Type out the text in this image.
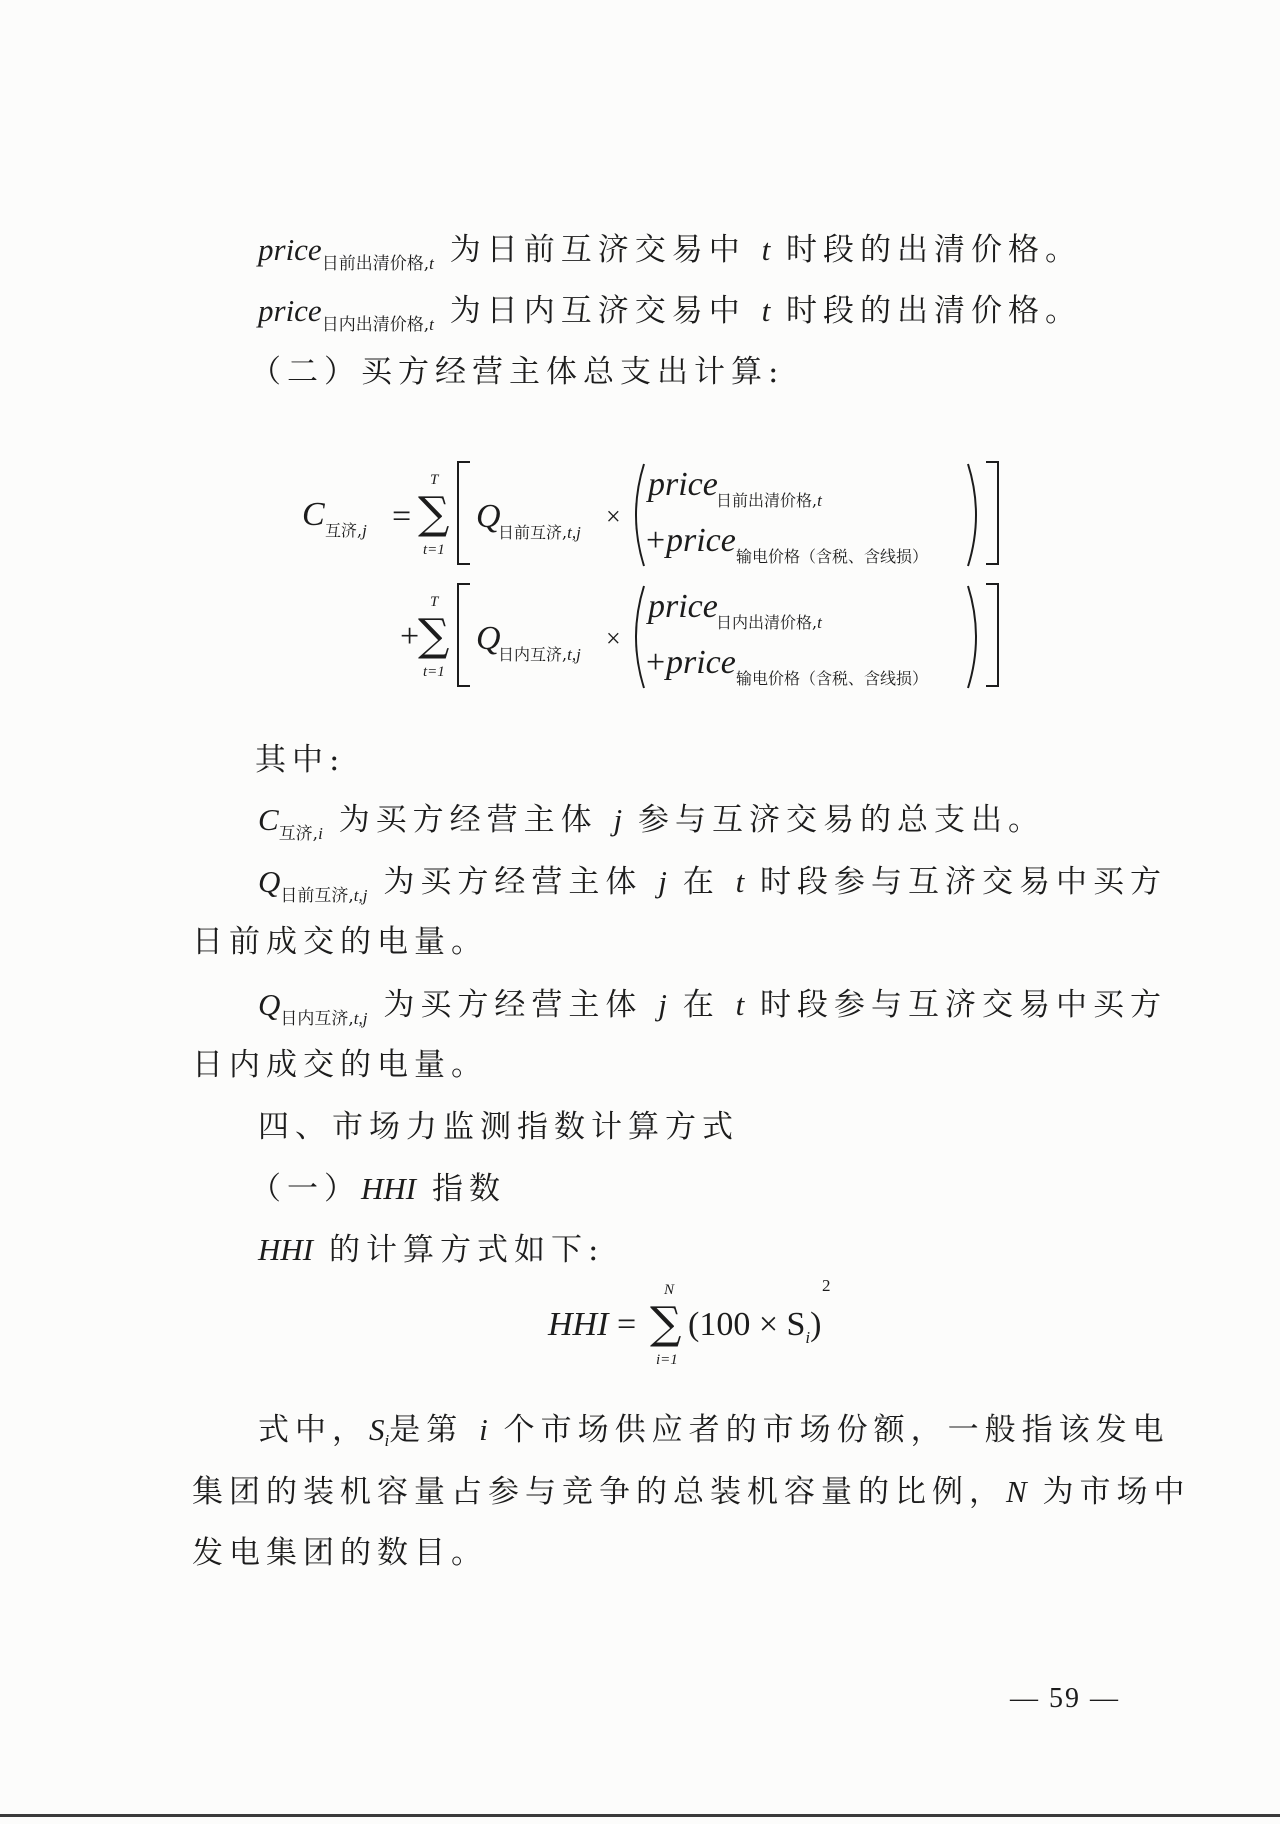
price$_{日前出清价格,t}$ 为日前互济交易中 t 时段的出清价格。
price$_{日内出清价格,t}$ 为日内互济交易中 t 时段的出清价格。
（二）买方经营主体总支出计算:
C 互济,j =
T
∑
t=1
Q
日前互济,t,j
×
price
日前出清价格,t
+ price 输电价格（含税、含线损）
+
T
∑
t=1
Q
日内互济,t,j
×
price
日内出清价格,t
+ price 输电价格（含税、含线损）
其中:
$C_{互济,i}$ 为买方经营主体 j 参与互济交易的总支出。
$Q_{日前互济,t,j}$ 为买方经营主体 j 在 t 时段参与互济交易中买方
日前成交的电量。
$Q_{日内互济,t,j}$ 为买方经营主体 j 在 t 时段参与互济交易中买方
日内成交的电量。
四、市场力监测指数计算方式
（一）HHI 指数
HHI 的计算方式如下:
HHI =
N
∑
i=1
$(100 \times S_i)$
2
式中，Si是第 i 个市场供应者的市场份额，一般指该发电
集团的装机容量占参与竞争的总装机容量的比例，N 为市场中
发电集团的数目。
— 59 —
